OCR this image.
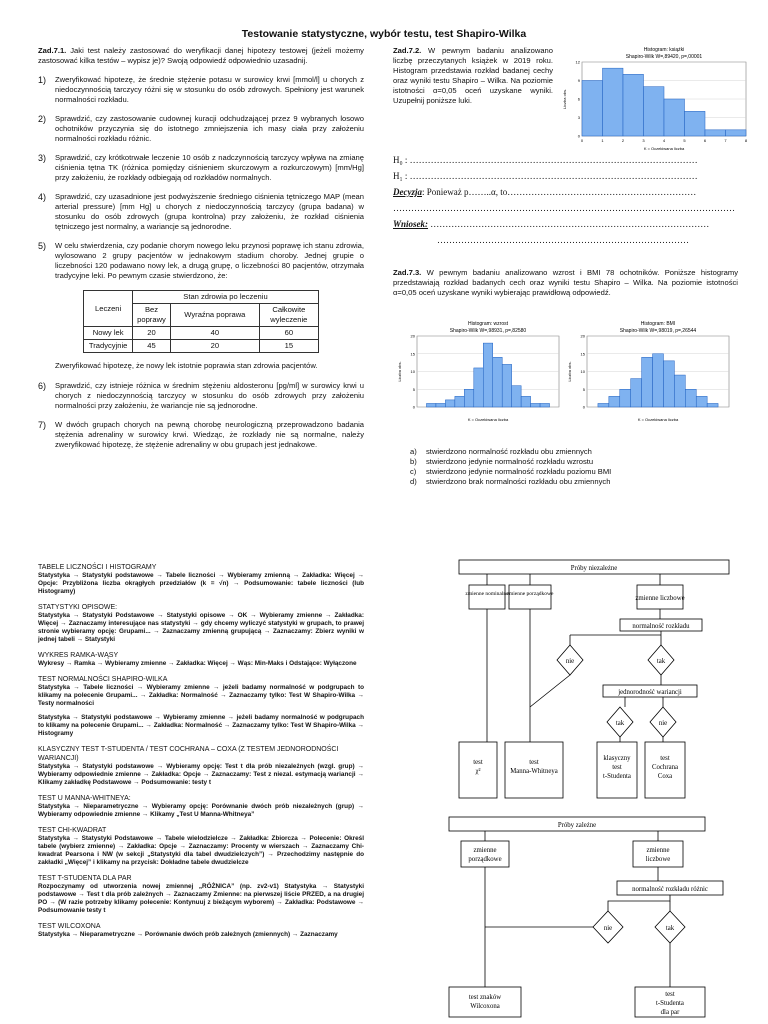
Testowanie statystyczne, wybór testu, test Shapiro-Wilka
Zad.7.1. Jaki test należy zastosować do weryfikacji danej hipotezy testowej (jeżeli możemy zastosować kilka testów – wypisz je)? Swoją odpowiedź odpowiednio uzasadnij.
1) Zweryfikować hipotezę, że średnie stężenie potasu w surowicy krwi [mmol/l] u chorych z niedoczynnością tarczycy różni się w stosunku do osób zdrowych. Spełniony jest warunek normalności rozkładu.
2) Sprawdzić, czy zastosowanie cudownej kuracji odchudzającej przez 9 wybranych losowo ochotników przyczynia się do istotnego zmniejszenia ich masy ciała przy założeniu normalności rozkładu różnic.
3) Sprawdzić, czy krótkotrwałe leczenie 10 osób z nadczynnością tarczycy wpływa na zmianę ciśnienia tętna TK (różnica pomiędzy ciśnieniem skurczowym a rozkurczowym) [mm/Hg] przy założeniu, że rozkłady odbiegają od rozkładów normalnych.
4) Sprawdzić, czy uzasadnione jest podwyższenie średniego ciśnienia tętniczego MAP (mean arterial pressure) [mm Hg] u chorych z niedoczynnością tarczycy (grupa badana) w stosunku do osób zdrowych (grupa kontrolna) przy założeniu, że rozkład ciśnienia tętniczego jest normalny, a wariancje są jednorodne.
5) W celu stwierdzenia, czy podanie chorym nowego leku przynosi poprawę ich stanu zdrowia, wylosowano 2 grupy pacjentów w jednakowym stadium choroby. Jednej grupie o liczebności 120 podawano nowy lek, a drugą grupę, o liczebności 80 pacjentów, otrzymała tradycyjne leki. Po pewnym czasie stwierdzono, że:
Leczeni	Stan zdrowia po leczeniu		
	Bez poprawy	Wyraźna poprawa	Całkowite wyleczenie
Nowy lek	20	40	60
Tradycyjnie	45	20	15
Zweryfikować hipotezę, że nowy lek istotnie poprawia stan zdrowia pacjentów.
6) Sprawdzić, czy istnieje różnica w średnim stężeniu aldosteronu [pg/ml] w surowicy krwi u chorych z niedoczynnością tarczycy w stosunku do osób zdrowych przy założeniu normalności przy założeniu, że wariancje nie są jednorodne.
7) W dwóch grupach chorych na pewną chorobę neurologiczną przeprowadzono badania stężenia adrenaliny w surowicy krwi. Wiedząc, że rozkłady nie są normalne, należy zweryfikować hipotezę, że stężenie adrenaliny w obu grupach jest jednakowe.
Zad.7.2. W pewnym badaniu analizowano liczbę przeczytanych książek w 2019 roku. Histogram przedstawia rozkład badanej cechy oraz wyniki testu Shapiro – Wilka. Na poziomie istotności α=0,05 oceń uzyskane wyniki. Uzupełnij poniższe luki.
Histogram: książki
Shapiro-Wilk W=,89420, p=,00001
0
3
6
9
12
0	1	2	3	4	5	6	7	8
K = Oczekiwana liczba
Liczba obs.
H₀ : ……………………………………………………………………………………
H₁ : ……………………………………………………………………………………
Decyzja: Ponieważ p……..α, to………………………………………………………
……………………………………………………………………………………………………
Wniosek: …………………………………………………………………………………
…………………………………………………………………………
Zad.7.3. W pewnym badaniu analizowano wzrost i BMI 78 ochotników. Poniższe histogramy przedstawiają rozkład badanych cech oraz wyniki testu Shapiro – Wilka. Na poziomie istotności α=0,05 oceń uzyskane wyniki wybierając prawidłową odpowiedź.
Histogram: wzrost
Shapiro-Wilk W=,98931, p=,82580
0
5
10
15
20
K = Oczekiwana liczba
Liczba obs.
Histogram: BMI
Shapiro-Wilk W=,98019, p=,26544
0
5
10
15
20
K = Oczekiwana liczba
Liczba obs.
a) stwierdzono normalność rozkładu obu zmiennych
b) stwierdzono jedynie normalność rozkładu wzrostu
c) stwierdzono jedynie normalność rozkładu poziomu BMI
d) stwierdzono brak normalności rozkładu obu zmiennych
TABELE LICZNOŚCI I HISTOGRAMY
Statystyka → Statystyki podstawowe → Tabele liczności → Wybieramy zmienną → Zakładka: Więcej → Opcje: Przybliżona liczba okrągłych przedziałów (k = √n) → Podsumowanie: tabele liczności (lub Histogramy)
STATYSTYKI OPISOWE:
Statystyka → Statystyki Podstawowe → Statystyki opisowe → OK → Wybieramy zmienne → Zakładka: Więcej → Zaznaczamy interesujące nas statystyki → gdy chcemy wyliczyć statystyki w grupach, to prawej stronie wybieramy opcję: Grupami... → Zaznaczamy zmienną grupującą → Zaznaczamy: Zbierz wyniki w jednej tabeli → Statystyki
WYKRES RAMKA-WĄSY
Wykresy → Ramka → Wybieramy zmienne → Zakładka: Więcej → Wąs: Min-Maks i Odstające: Wyłączone
TEST NORMALNOŚCI SHAPIRO-WILKA
Statystyka → Tabele liczności → Wybieramy zmienne → jeżeli badamy normalność w podgrupach to klikamy na polecenie Grupami... → Zakładka: Normalność → Zaznaczamy tylko: Test W Shapiro-Wilka → Testy normalności
Statystyka → Statystyki podstawowe → Wybieramy zmienne → jeżeli badamy normalność w podgrupach to klikamy na polecenie Grupami... → Zakładka: Normalność → Zaznaczamy tylko: Test W Shapiro-Wilka → Histogramy
KLASYCZNY TEST T-STUDENTA / TEST COCHRANA – COXA (Z TESTEM JEDNORODNOŚCI WARIANCJI)
Statystyka → Statystyki podstawowe → Wybieramy opcję: Test t dla prób niezależnych (wzgl. grup) → Wybieramy odpowiednie zmienne → Zakładka: Opcje → Zaznaczamy: Test z niezal. estymacją wariancji → Klikamy zakładkę Podstawowe → Podsumowanie: testy t
TEST U MANNA-WHITNEYA:
Statystyka → Nieparametryczne → Wybieramy opcję: Porównanie dwóch prób niezależnych (grup) → Wybieramy odpowiednie zmienne → Klikamy „Test U Manna-Whitneya”
TEST CHI-KWADRAT
Statystyka → Statystyki Podstawowe → Tabele wielodzielcze → Zakładka: Zbiorcza → Polecenie: Określ tabele (wybierz zmienne) → Zakładka: Opcje → Zaznaczamy: Procenty w wierszach → Zaznaczamy Chi-kwadrat Pearsona i NW (w sekcji „Statystyki dla tabel dwudzielczych”) → Przechodzimy następnie do zakładki „Więcej” i klikamy na przycisk: Dokładne tabele dwudzielcze
TEST T-STUDENTA DLA PAR
Rozpoczynamy od utworzenia nowej zmiennej „RÓŻNICA” (np. zv2-v1) Statystyka → Statystyki podstawowe → Test t dla prób zależnych → Zaznaczamy Zmienne: na pierwszej liście PRZED, a na drugiej PO → (W razie potrzeby klikamy polecenie: Kontynuuj z bieżącym wyborem) → Zakładka: Podstawowe → Podsumowanie testy t
TEST WILCOXONA
Statystyka → Nieparametryczne → Porównanie dwóch prób zależnych (zmiennych) → Zaznaczamy
Próby niezależne
zmienne nominalne
zmienne porządkowe
zmienne liczbowe
normalność rozkładu
nie	tak
jednorodność wariancji
tak	nie
test
χ²
test
Manna-Whitneya
klasyczny
test
t-Studenta
test
Cochrana
Coxa
Próby zależne
zmienne
porządkowe
zmienne
liczbowe
normalność rozkładu różnic
nie	tak
test znaków
Wilcoxona
test
t-Studenta
dla par
